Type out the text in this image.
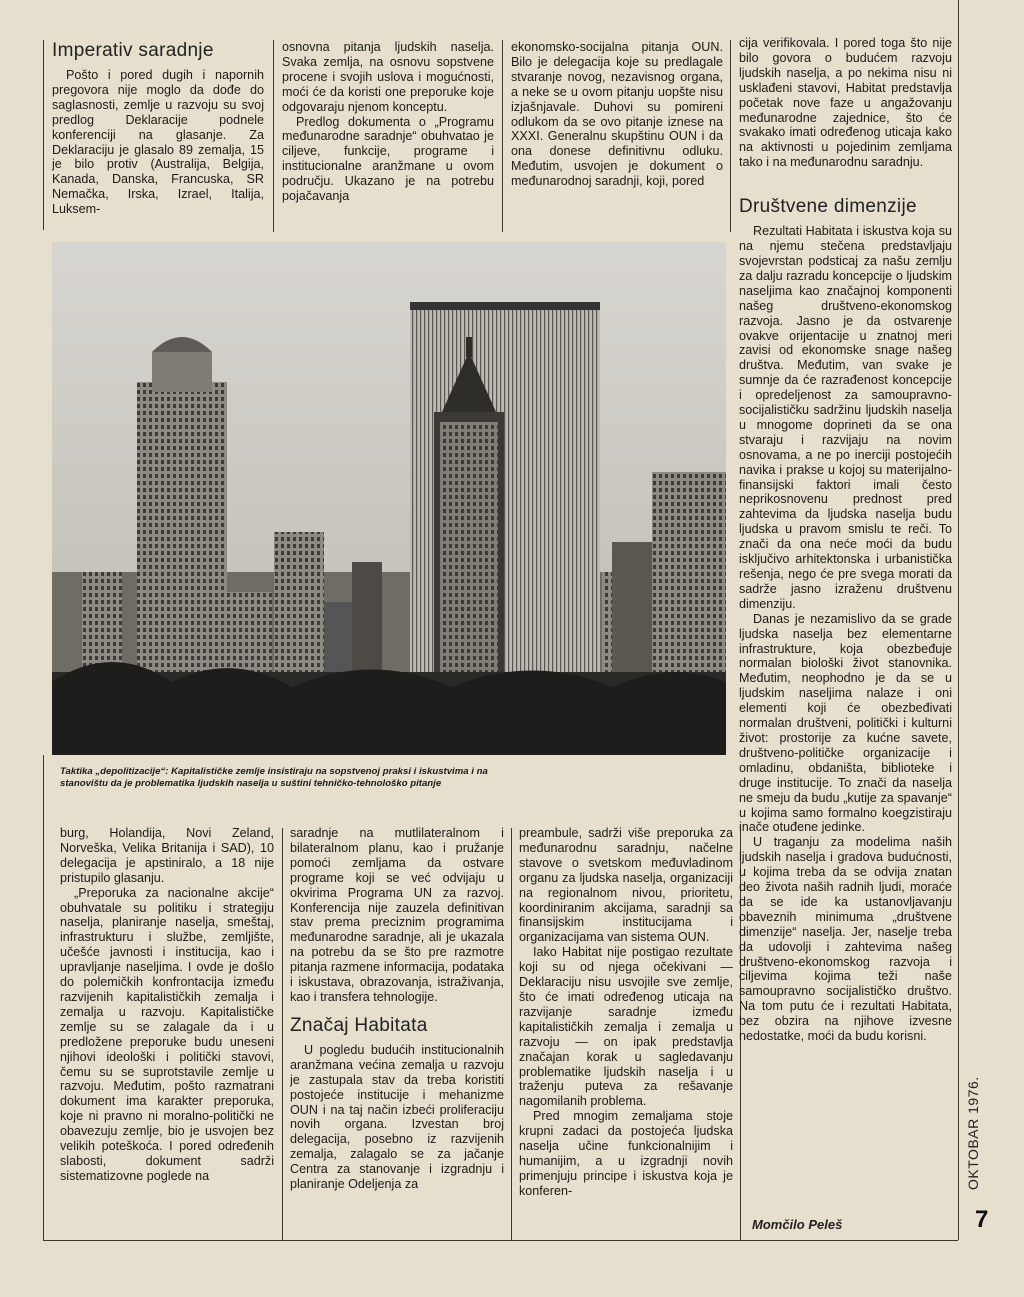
Imperativ saradnje

Pošto i pored dugih i napornih pregovora nije moglo da dođe do saglasnosti, zemlje u razvoju su svoj predlog Deklaracije podnele konferenciji na glasanje. Za Deklaraciju je glasalo 89 zemalja, 15 je bilo protiv (Australija, Belgija, Kanada, Danska, Francuska, SR Nemačka, Irska, Izrael, Italija, Luksem-

osnovna pitanja ljudskih naselja. Svaka zemlja, na osnovu sopstvene procene i svojih uslova i mogućnosti, moći će da koristi one preporuke koje odgovaraju njenom konceptu.

Predlog dokumenta o „Programu međunarodne saradnje“ obuhvatao je ciljeve, funkcije, programe i institucionalne aranžmane u ovom području. Ukazano je na potrebu pojačavanja

ekonomsko-socijalna pitanja OUN. Bilo je delegacija koje su predlagale stvaranje novog, nezavisnog organa, a neke se u ovom pitanju uopšte nisu izjašnjavale. Duhovi su pomireni odlukom da se ovo pitanje iznese na XXXI. Generalnu skupštinu OUN i da ona donese definitivnu odluku. Međutim, usvojen je dokument o međunarodnoj saradnji, koji, pored

cija verifikovala. I pored toga što nije bilo govora o budućem razvoju ljudskih naselja, a po nekima nisu ni usklađeni stavovi, Habitat predstavlja početak nove faze u angažovanju međunarodne zajednice, što će svakako imati određenog uticaja kako na aktivnosti u pojedinim zemljama tako i na međunarodnu saradnju.

Društvene dimenzije

Rezultati Habitata i iskustva koja su na njemu stečena predstavljaju svojevrstan podsticaj za našu zemlju za dalju razradu koncepcije o ljudskim naseljima kao značajnoj komponenti našeg društveno-ekonomskog razvoja. Jasno je da ostvarenje ovakve orijentacije u znatnoj meri zavisi od ekonomske snage našeg društva. Međutim, van svake je sumnje da će razrađenost koncepcije i opredeljenost za samoupravno-socijalističku sadržinu ljudskih naselja u mnogome doprineti da se ona stvaraju i razvijaju na novim osnovama, a ne po inerciji postojećih navika i prakse u kojoj su materijalno-finansijski faktori imali često neprikosnovenu prednost pred zahtevima da ljudska naselja budu ljudska u pravom smislu te reči. To znači da ona neće moći da budu isključivo arhitektonska i urbanistička rešenja, nego će pre svega morati da sadrže jasno izraženu društvenu dimenziju.

Danas je nezamislivo da se grade ljudska naselja bez elementarne infrastrukture, koja obezbeđuje normalan biološki život stanovnika. Međutim, neophodno je da se u ljudskim naseljima nalaze i oni elementi koji će obezbeđivati normalan društveni, politički i kulturni život: prostorije za kućne savete, društveno-političke organizacije i omladinu, obdaništa, biblioteke i druge institucije. To znači da naselja ne smeju da budu „kutije za spavanje“ u kojima samo formalno koegzistiraju inače otuđene jedinke.

U traganju za modelima naših ljudskih naselja i gradova budućnosti, u kojima treba da se odvija znatan deo života naših radnih ljudi, moraće da se ide ka ustanovljavanju obaveznih minimuma „društvene dimenzije“ naselja. Jer, naselje treba da udovolji i zahtevima našeg društveno-ekonomskog razvoja i ciljevima kojima teži naše samoupravno socijalističko društvo. Na tom putu će i rezultati Habitata, bez obzira na njihove izvesne nedostatke, moći da budu korisni.

Taktika „depolitizacije“: Kapitalističke zemlje insistiraju na sopstvenoj praksi i iskustvima i na stanovištu da je problematika ljudskih naselja u suštini tehničko-tehnološko pitanje

burg, Holandija, Novi Zeland, Norveška, Velika Britanija i SAD), 10 delegacija je apstiniralo, a 18 nije pristupilo glasanju.

„Preporuka za nacionalne akcije“ obuhvatale su politiku i strategiju naselja, planiranje naselja, smeštaj, infrastrukturu i službe, zemljište, učešće javnosti i institucija, kao i upravljanje naseljima. I ovde je došlo do polemičkih konfrontacija između razvijenih kapitalističkih zemalja i zemalja u razvoju. Kapitalističke zemlje su se zalagale da i u predložene preporuke budu uneseni njihovi ideološki i politički stavovi, čemu su se suprotstavile zemlje u razvoju. Međutim, pošto razmatrani dokument ima karakter preporuka, koje ni pravno ni moralno-politički ne obavezuju zemlje, bio je usvojen bez velikih poteškoća. I pored određenih slabosti, dokument sadrži sistematizovne poglede na

saradnje na mutlilateralnom i bilateralnom planu, kao i pružanje pomoći zemljama da ostvare programe koji se već odvijaju u okvirima Programa UN za razvoj. Konferencija nije zauzela definitivan stav prema preciznim programima međunarodne saradnje, ali je ukazala na potrebu da se što pre razmotre pitanja razmene informacija, podataka i iskustava, obrazovanja, istraživanja, kao i transfera tehnologije.

Značaj Habitata

U pogledu budućih institucionalnih aranžmana većina zemalja u razvoju je zastupala stav da treba koristiti postojeće institucije i mehanizme OUN i na taj način izbeći proliferaciju novih organa. Izvestan broj delegacija, posebno iz razvijenih zemalja, zalagalo se za jačanje Centra za stanovanje i izgradnju i planiranje Odeljenja za

preambule, sadrži više preporuka za međunarodnu saradnju, načelne stavove o svetskom međuvladinom organu za ljudska naselja, organizaciji na regionalnom nivou, prioritetu, koordiniranim akcijama, saradnji sa finansijskim institucijama i organizacijama van sistema OUN.

Iako Habitat nije postigao rezultate koji su od njega očekivani — Deklaraciju nisu usvojile sve zemlje, što će imati određenog uticaja na razvijanje saradnje između kapitalističkih zemalja i zemalja u razvoju — on ipak predstavlja značajan korak u sagledavanju problematike ljudskih naselja i u traženju puteva za rešavanje nagomilanih problema.

Pred mnogim zemaljama stoje krupni zadaci da postojeća ljudska naselja učine funkcionalnijim i humanijim, a u izgradnji novih primenjuju principe i iskustva koja je konferen-

Momčilo Peleš
OKTOBAR 1976.
7
